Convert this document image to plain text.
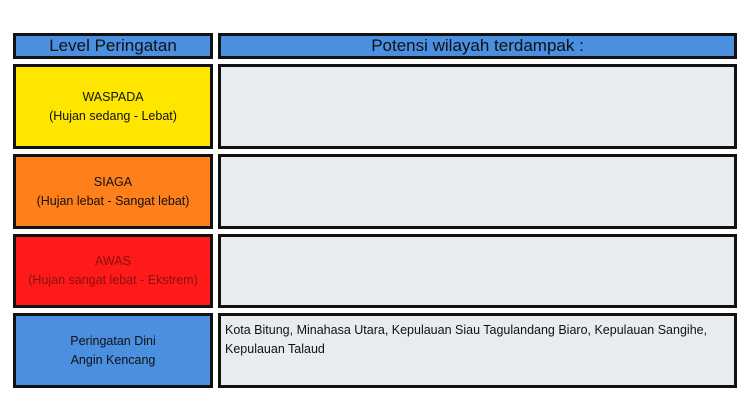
Level Peringatan	Potensi wilayah terdampak :
WASPADA
(Hujan sedang - Lebat)
SIAGA
(Hujan lebat - Sangat lebat)
AWAS
(Hujan sangat lebat - Ekstrem)
Peringatan Dini
Angin Kencang
Kota Bitung, Minahasa Utara, Kepulauan Siau Tagulandang Biaro, Kepulauan Sangihe, Kepulauan Talaud
